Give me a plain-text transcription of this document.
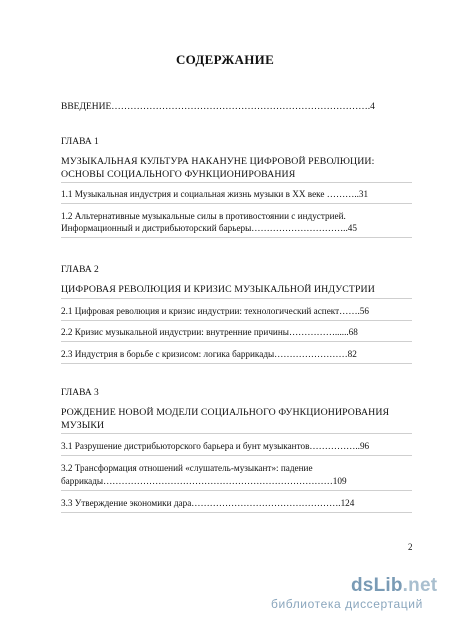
СОДЕРЖАНИЕ
ВВЕДЕНИЕ……………………………………………………………………….4
ГЛАВА 1
МУЗЫКАЛЬНАЯ КУЛЬТУРА НАКАНУНЕ ЦИФРОВОЙ РЕВОЛЮЦИИ:
ОСНОВЫ СОЦИАЛЬНОГО ФУНКЦИОНИРОВАНИЯ
1.1 Музыкальная индустрия и социальная жизнь музыки в ХХ веке ………..31
1.2 Альтернативные музыкальные силы в противостоянии с индустрией.
Информационный и дистрибьюторский барьеры…………………………..45
ГЛАВА 2
ЦИФРОВАЯ РЕВОЛЮЦИЯ И КРИЗИС МУЗЫКАЛЬНОЙ ИНДУСТРИИ
2.1 Цифровая революция и кризис индустрии: технологический аспект…….56
2.2 Кризис музыкальной индустрии: внутренние причины……………......68
2.3 Индустрия в борьбе с кризисом: логика баррикады……………………82
ГЛАВА 3
РОЖДЕНИЕ НОВОЙ МОДЕЛИ СОЦИАЛЬНОГО ФУНКЦИОНИРОВАНИЯ
МУЗЫКИ
3.1 Разрушение дистрибьюторского барьера и бунт музыкантов……………..96
3.2 Трансформация отношений «слушатель-музыкант»: падение
баррикады…………………………………………………………………109
3.3 Утверждение экономики дара………………………………………….124
2
dsLib.net
библиотека диссертаций
